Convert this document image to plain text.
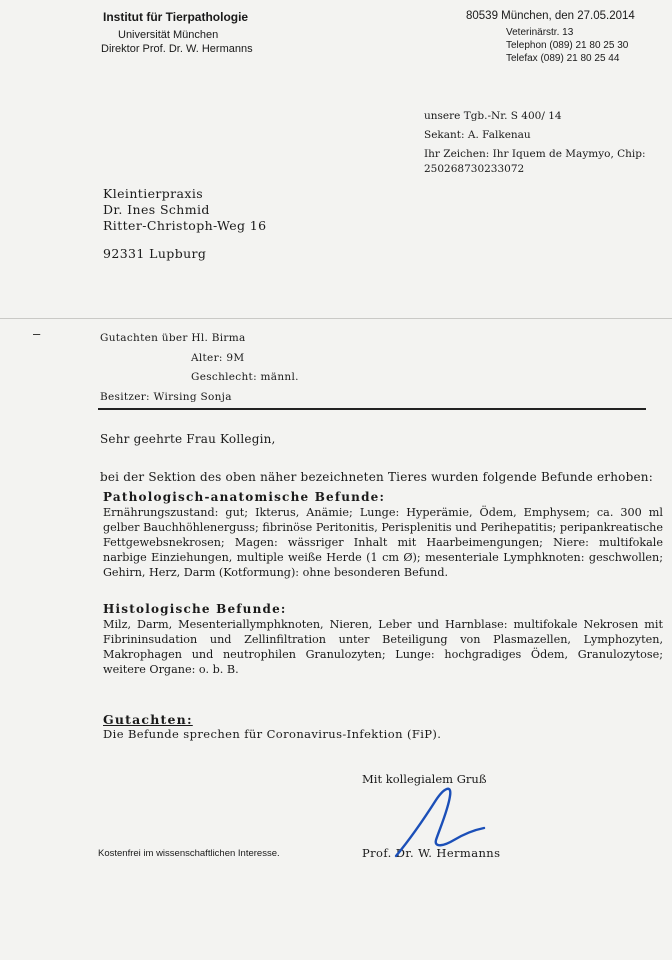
Institut für Tierpathologie
Universität München
Direktor Prof. Dr. W. Hermanns
80539 München, den 27.05.2014
Veterinärstr. 13
Telephon (089) 21 80 25 30
Telefax (089) 21 80 25 44
unsere Tgb.-Nr. S 400/ 14
Sekant: A. Falkenau
Ihr Zeichen: Ihr Iquem de Maymyo, Chip:
250268730233072
Kleintierpraxis
Dr. Ines Schmid
Ritter-Christoph-Weg 16
92331 Lupburg
–	Gutachten über Hl. Birma
Alter: 9M
Geschlecht: männl.
Besitzer: Wirsing Sonja
Sehr geehrte Frau Kollegin,
bei der Sektion des oben näher bezeichneten Tieres wurden folgende Befunde erhoben:
Pathologisch-anatomische Befunde:
Ernährungszustand: gut; Ikterus, Anämie; Lunge: Hyperämie, Ödem, Emphysem; ca. 300 ml gelber Bauchhöhlenerguss; fibrinöse Peritonitis, Perisplenitis und Perihepatitis; peripankreatische Fettgewebsnekrosen; Magen: wässriger Inhalt mit Haarbeimengungen; Niere: multifokale narbige Einziehungen, multiple weiße Herde (1 cm Ø); mesenteriale Lymphknoten: geschwollen; Gehirn, Herz, Darm (Kotformung): ohne besonderen Befund.
Histologische Befunde:
Milz, Darm, Mesenteriallymphknoten, Nieren, Leber und Harnblase: multifokale Nekrosen mit Fibrininsudation und Zellinfiltration unter Beteiligung von Plasmazellen, Lymphozyten, Makrophagen und neutrophilen Granulozyten; Lunge: hochgradiges Ödem, Granulozytose; weitere Organe: o. b. B.
Gutachten:
Die Befunde sprechen für Coronavirus-Infektion (FiP).
Mit kollegialem Gruß
Prof. Dr. W. Hermanns
Kostenfrei im wissenschaftlichen Interesse.
